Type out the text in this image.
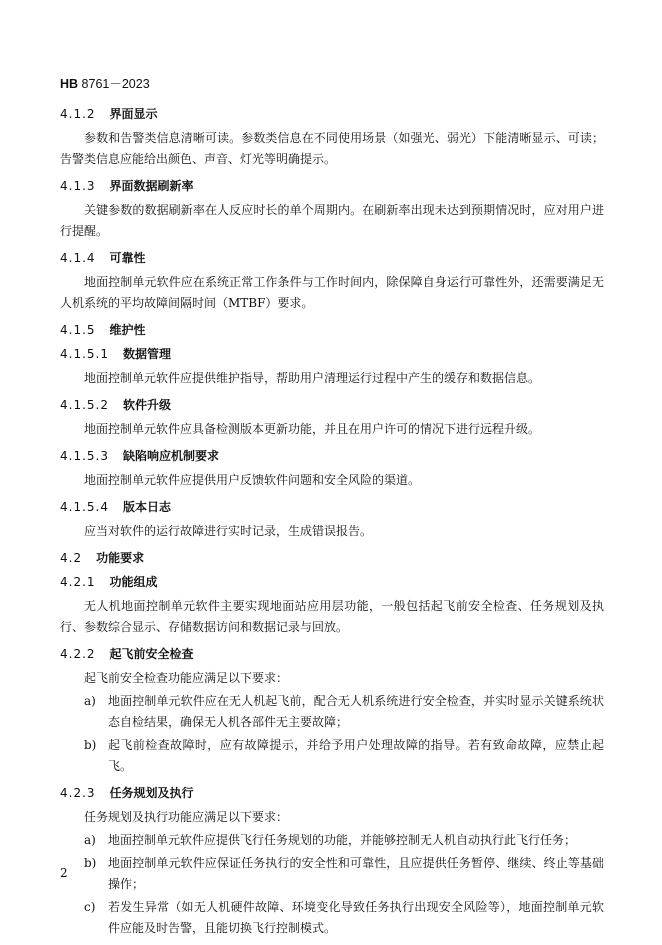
HB 8761－2023
4.1.2 界面显示
参数和告警类信息清晰可读。参数类信息在不同使用场景（如强光、弱光）下能清晰显示、可读；告警类信息应能给出颜色、声音、灯光等明确提示。
4.1.3 界面数据刷新率
关键参数的数据刷新率在人反应时长的单个周期内。在刷新率出现未达到预期情况时，应对用户进行提醒。
4.1.4 可靠性
地面控制单元软件应在系统正常工作条件与工作时间内，除保障自身运行可靠性外，还需要满足无人机系统的平均故障间隔时间（MTBF）要求。
4.1.5 维护性
4.1.5.1 数据管理
地面控制单元软件应提供维护指导，帮助用户清理运行过程中产生的缓存和数据信息。
4.1.5.2 软件升级
地面控制单元软件应具备检测版本更新功能，并且在用户许可的情况下进行远程升级。
4.1.5.3 缺陷响应机制要求
地面控制单元软件应提供用户反馈软件问题和安全风险的渠道。
4.1.5.4 版本日志
应当对软件的运行故障进行实时记录，生成错误报告。
4.2 功能要求
4.2.1 功能组成
无人机地面控制单元软件主要实现地面站应用层功能，一般包括起飞前安全检查、任务规划及执行、参数综合显示、存储数据访问和数据记录与回放。
4.2.2 起飞前安全检查
起飞前安全检查功能应满足以下要求：
a) 地面控制单元软件应在无人机起飞前，配合无人机系统进行安全检查，并实时显示关键系统状态自检结果，确保无人机各部件无主要故障；
b) 起飞前检查故障时，应有故障提示，并给予用户处理故障的指导。若有致命故障，应禁止起飞。
4.2.3 任务规划及执行
任务规划及执行功能应满足以下要求：
a) 地面控制单元软件应提供飞行任务规划的功能，并能够控制无人机自动执行此飞行任务；
b) 地面控制单元软件应保证任务执行的安全性和可靠性，且应提供任务暂停、继续、终止等基础操作；
c) 若发生异常（如无人机硬件故障、环境变化导致任务执行出现安全风险等），地面控制单元软件应能及时告警，且能切换飞行控制模式。
2
